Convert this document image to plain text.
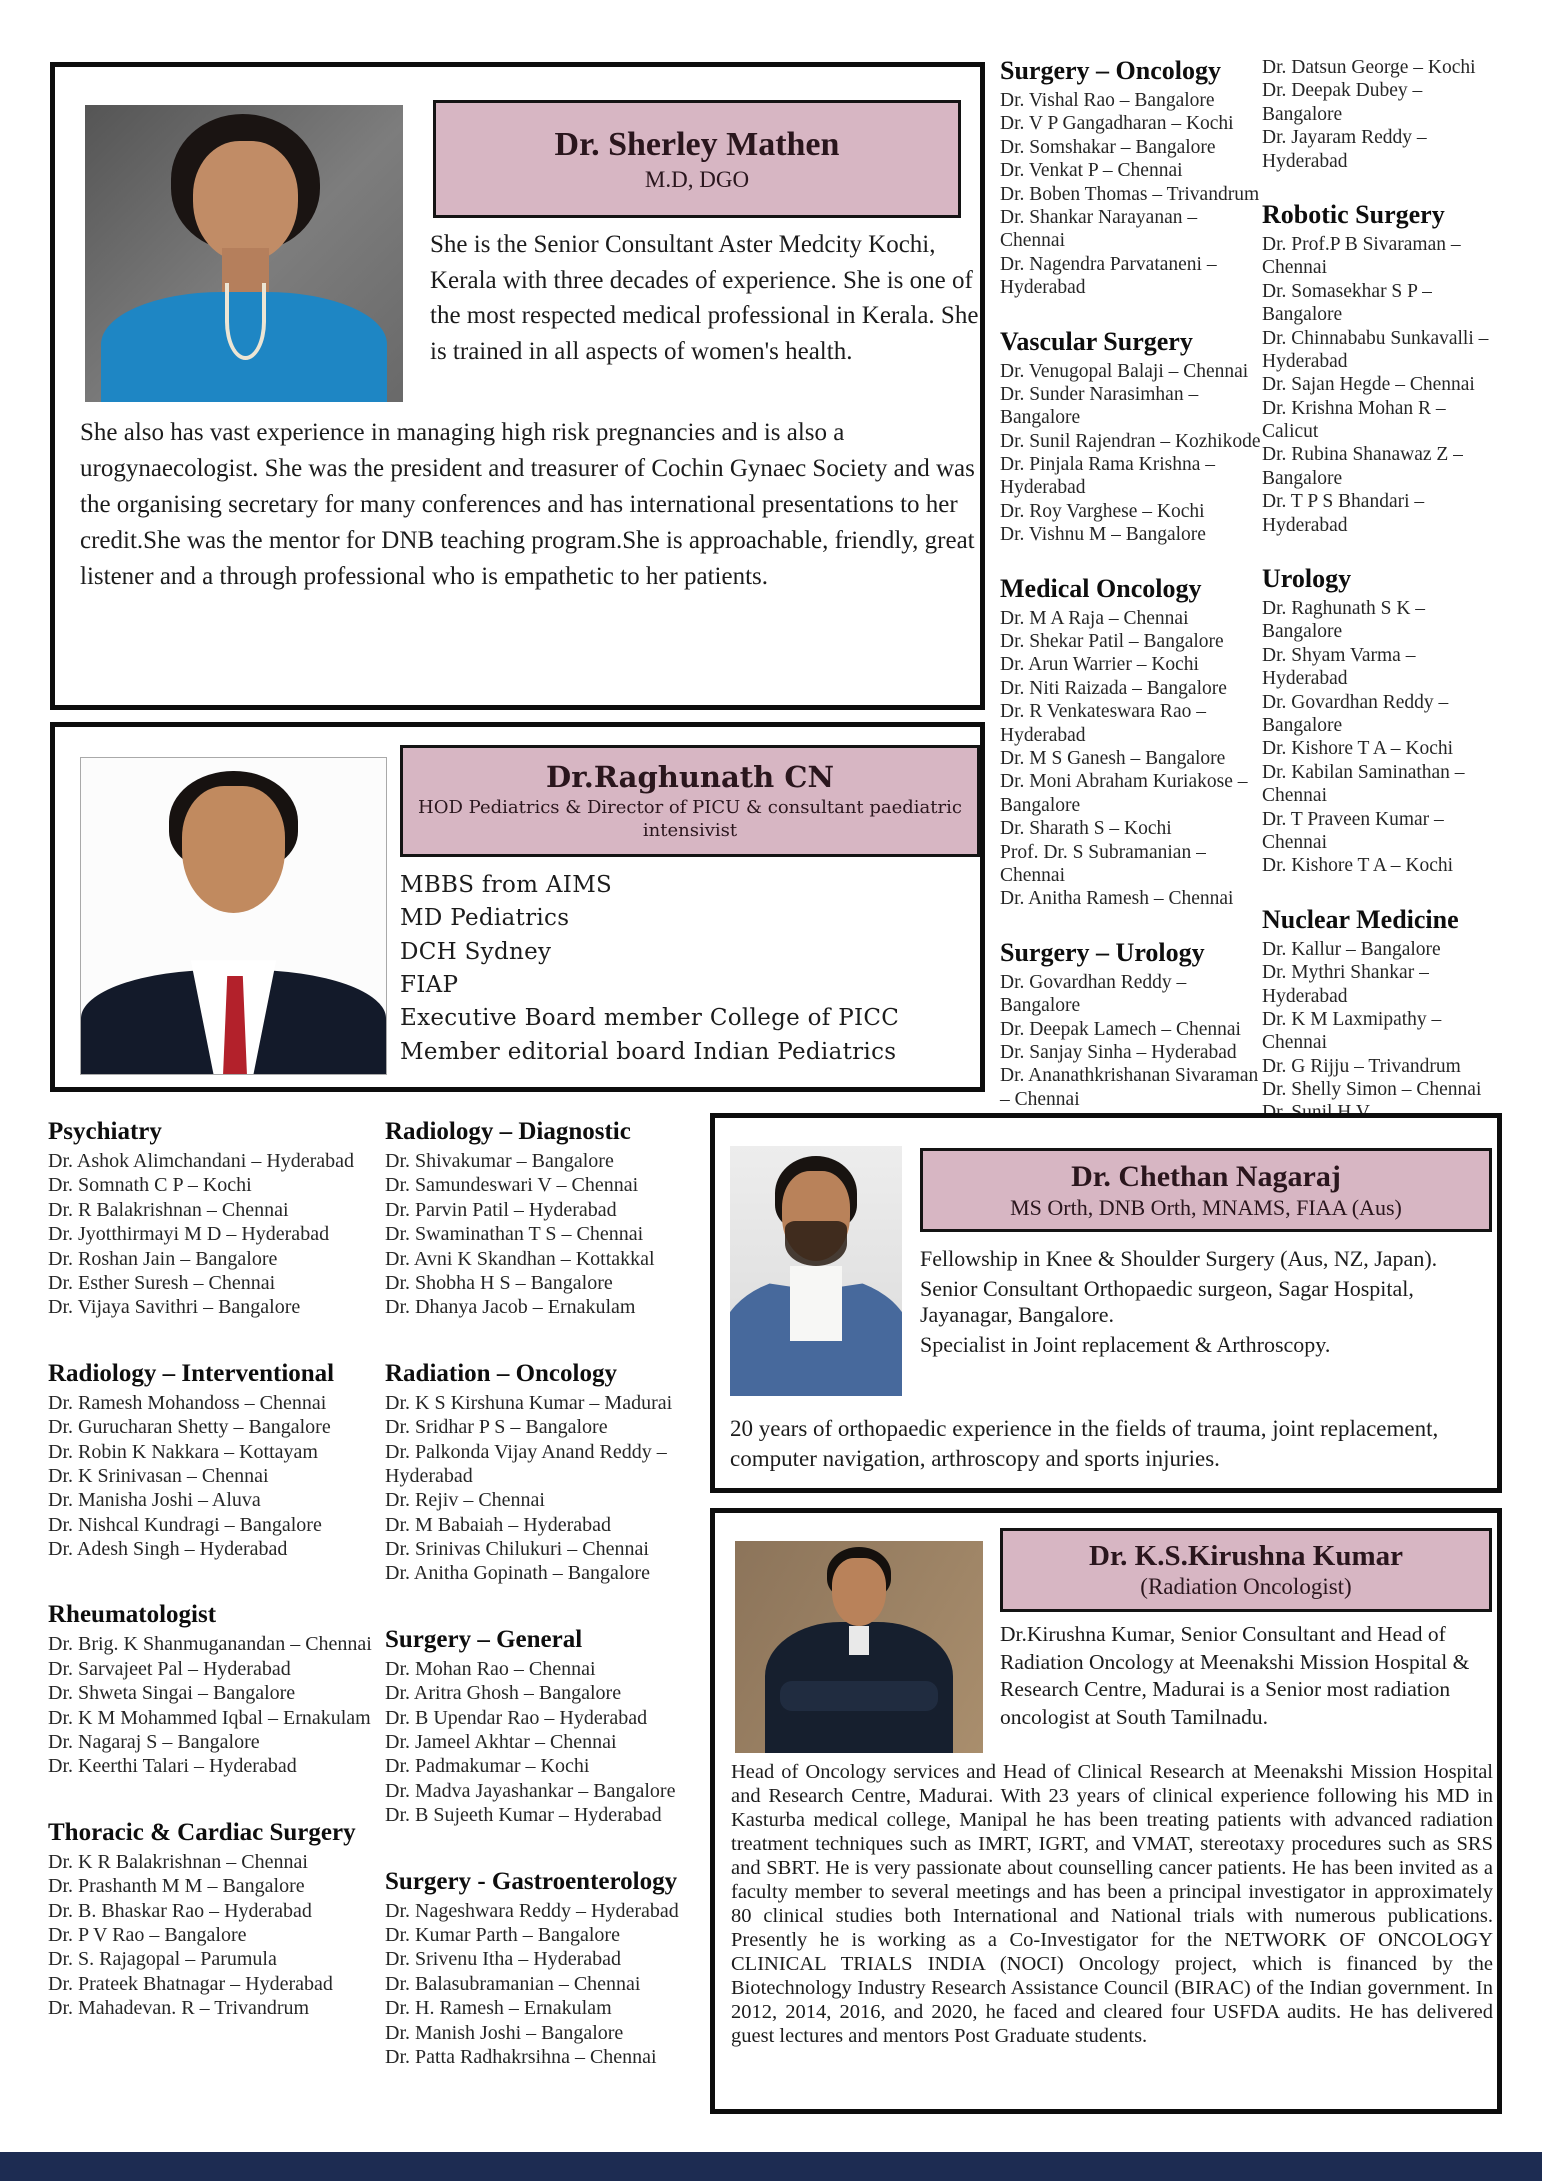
Dr. Sherley Mathen
M.D, DGO

She is the Senior Consultant Aster Medcity Kochi, Kerala with three decades of experience. She is one of the most respected medical professional in Kerala. She is trained in all aspects of women's health.

She also has vast experience in managing high risk pregnancies and is also a urogynaecologist. She was the president and treasurer of Cochin Gynaec Society and was the organising secretary for many conferences and has international presentations to her credit.She was the mentor for DNB teaching program.She is approachable, friendly, great listener and a through professional who is empathetic to her patients.

Dr.Raghunath CN
HOD Pediatrics & Director of PICU & consultant paediatric intensivist
MBBS from AIMS
MD Pediatrics
DCH Sydney
FIAP
Executive Board member College of PICC
Member editorial board Indian Pediatrics
Surgery – Oncology
Dr. Vishal Rao – Bangalore
Dr. V P Gangadharan – Kochi
Dr. Somshakar – Bangalore
Dr. Venkat P – Chennai
Dr. Boben Thomas – Trivandrum
Dr. Shankar Narayanan – Chennai
Dr. Nagendra Parvataneni – Hyderabad
Vascular Surgery
Dr. Venugopal Balaji – Chennai
Dr. Sunder Narasimhan – Bangalore
Dr. Sunil Rajendran – Kozhikode
Dr. Pinjala Rama Krishna – Hyderabad
Dr. Roy Varghese – Kochi
Dr. Vishnu M – Bangalore
Medical Oncology
Dr. M A Raja – Chennai
Dr. Shekar Patil – Bangalore
Dr. Arun Warrier – Kochi
Dr. Niti Raizada – Bangalore
Dr. R Venkateswara Rao – Hyderabad
Dr. M S Ganesh – Bangalore
Dr. Moni Abraham Kuriakose – Bangalore
Dr. Sharath S – Kochi
Prof. Dr. S Subramanian – Chennai
Dr. Anitha Ramesh – Chennai
Surgery – Urology
Dr. Govardhan Reddy – Bangalore
Dr. Deepak Lamech – Chennai
Dr. Sanjay Sinha – Hyderabad
Dr. Ananathkrishanan Sivaraman – Chennai
Dr. Datsun George – Kochi
Dr. Deepak Dubey – Bangalore
Dr. Jayaram Reddy – Hyderabad
Robotic Surgery
Dr. Prof.P B Sivaraman – Chennai
Dr. Somasekhar S P – Bangalore
Dr. Chinnababu Sunkavalli – Hyderabad
Dr. Sajan Hegde – Chennai
Dr. Krishna Mohan R – Calicut
Dr. Rubina Shanawaz Z – Bangalore
Dr. T P S Bhandari – Hyderabad
Urology
Dr. Raghunath S K – Bangalore
Dr. Shyam Varma – Hyderabad
Dr. Govardhan Reddy – Bangalore
Dr. Kishore T A – Kochi
Dr. Kabilan Saminathan – Chennai
Dr. T Praveen Kumar – Chennai
Dr. Kishore T A – Kochi
Nuclear Medicine
Dr. Kallur – Bangalore
Dr. Mythri Shankar – Hyderabad
Dr. K M Laxmipathy – Chennai
Dr. G Rijju – Trivandrum
Dr. Shelly Simon – Chennai
Psychiatry
Dr. Ashok Alimchandani – Hyderabad
Dr. Somnath C P – Kochi
Dr. R Balakrishnan – Chennai
Dr. Jyotthirmayi M D – Hyderabad
Dr. Roshan Jain – Bangalore
Dr. Esther Suresh – Chennai
Dr. Vijaya Savithri – Bangalore
Radiology – Interventional
Dr. Ramesh Mohandoss – Chennai
Dr. Gurucharan Shetty – Bangalore
Dr. Robin K Nakkara – Kottayam
Dr. K Srinivasan – Chennai
Dr. Manisha Joshi – Aluva
Dr. Nishcal Kundragi – Bangalore
Dr. Adesh Singh – Hyderabad
Rheumatologist
Dr. Brig. K Shanmuganandan – Chennai
Dr. Sarvajeet Pal – Hyderabad
Dr. Shweta Singai – Bangalore
Dr. K M Mohammed Iqbal – Ernakulam
Dr. Nagaraj S – Bangalore
Dr. Keerthi Talari – Hyderabad
Thoracic & Cardiac Surgery
Dr. K R Balakrishnan – Chennai
Dr. Prashanth M M – Bangalore
Dr. B. Bhaskar Rao – Hyderabad
Dr. P V Rao – Bangalore
Dr. S. Rajagopal – Parumula
Dr. Prateek Bhatnagar – Hyderabad
Dr. Mahadevan. R – Trivandrum
Radiology – Diagnostic
Dr. Shivakumar – Bangalore
Dr. Samundeswari V – Chennai
Dr. Parvin Patil – Hyderabad
Dr. Swaminathan T S – Chennai
Dr. Avni K Skandhan – Kottakkal
Dr. Shobha H S – Bangalore
Dr. Dhanya Jacob – Ernakulam
Radiation – Oncology
Dr. K S Kirshuna Kumar – Madurai
Dr. Sridhar P S – Bangalore
Dr. Palkonda Vijay Anand Reddy – Hyderabad
Dr. Rejiv – Chennai
Dr. M Babaiah – Hyderabad
Dr. Srinivas Chilukuri – Chennai
Dr. Anitha Gopinath – Bangalore
Surgery – General
Dr. Mohan Rao – Chennai
Dr. Aritra Ghosh – Bangalore
Dr. B Upendar Rao – Hyderabad
Dr. Jameel Akhtar – Chennai
Dr. Padmakumar – Kochi
Dr. Madva Jayashankar – Bangalore
Dr. B Sujeeth Kumar – Hyderabad
Surgery - Gastroenterology
Dr. Nageshwara Reddy – Hyderabad
Dr. Kumar Parth – Bangalore
Dr. Srivenu Itha – Hyderabad
Dr. Balasubramanian – Chennai
Dr. H. Ramesh – Ernakulam
Dr. Manish Joshi – Bangalore
Dr. Patta Radhakrsihna – Chennai
Dr. Chethan Nagaraj
MS Orth, DNB Orth, MNAMS, FIAA (Aus)
Fellowship in Knee & Shoulder Surgery (Aus, NZ, Japan).
Senior Consultant Orthopaedic surgeon, Sagar Hospital, Jayanagar, Bangalore.
Specialist in Joint replacement & Arthroscopy.

20 years of orthopaedic experience in the fields of trauma, joint replacement, computer navigation, arthroscopy and sports injuries.

Dr. K.S.Kirushna Kumar
(Radiation Oncologist)

Dr.Kirushna Kumar, Senior Consultant and Head of Radiation Oncology at Meenakshi Mission Hospital & Research Centre, Madurai is a Senior most radiation oncologist at South Tamilnadu.

Head of Oncology services and Head of Clinical Research at Meenakshi Mission Hospital and Research Centre, Madurai. With 23 years of clinical experience following his MD in Kasturba medical college, Manipal he has been treating patients with advanced radiation treatment techniques such as IMRT, IGRT, and VMAT, stereotaxy procedures such as SRS and SBRT. He is very passionate about counselling cancer patients. He has been invited as a faculty member to several meetings and has been a principal investigator in approximately 80 clinical studies both International and National trials with numerous publications. Presently he is working as a Co-Investigator for the NETWORK OF ONCOLOGY CLINICAL TRIALS INDIA (NOCI) Oncology project, which is financed by the Biotechnology Industry Research Assistance Council (BIRAC) of the Indian government. In 2012, 2014, 2016, and 2020, he faced and cleared four USFDA audits. He has delivered guest lectures and mentors Post Graduate students.
